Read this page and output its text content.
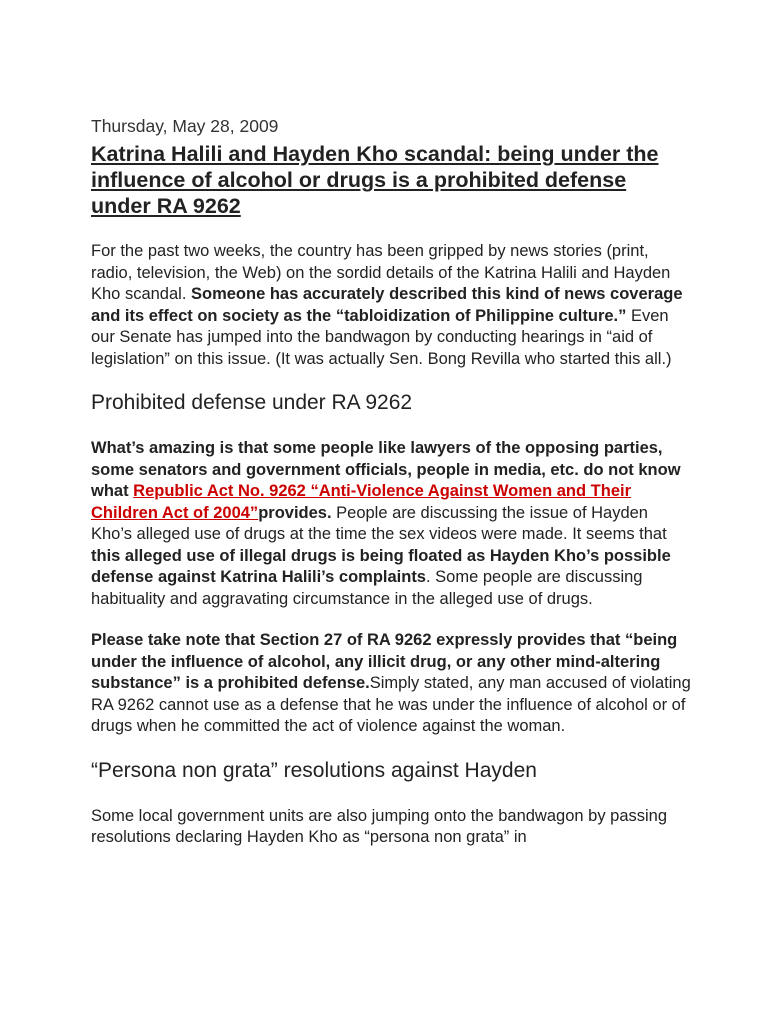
Thursday, May 28, 2009
Katrina Halili and Hayden Kho scandal: being under the influence of alcohol or drugs is a prohibited defense under RA 9262

For the past two weeks, the country has been gripped by news stories (print, radio, television, the Web) on the sordid details of the Katrina Halili and Hayden Kho scandal. Someone has accurately described this kind of news coverage and its effect on society as the “tabloidization of Philippine culture.” Even our Senate has jumped into the bandwagon by conducting hearings in “aid of legislation” on this issue. (It was actually Sen. Bong Revilla who started this all.)

Prohibited defense under RA 9262

What’s amazing is that some people like lawyers of the opposing parties, some senators and government officials, people in media, etc. do not know what Republic Act No. 9262 “Anti-Violence Against Women and Their Children Act of 2004”provides. People are discussing the issue of Hayden Kho’s alleged use of drugs at the time the sex videos were made. It seems that this alleged use of illegal drugs is being floated as Hayden Kho’s possible defense against Katrina Halili’s complaints. Some people are discussing habituality and aggravating circumstance in the alleged use of drugs.

Please take note that Section 27 of RA 9262 expressly provides that “being under the influence of alcohol, any illicit drug, or any other mind-altering substance” is a prohibited defense.Simply stated, any man accused of violating RA 9262 cannot use as a defense that he was under the influence of alcohol or of drugs when he committed the act of violence against the woman.

“Persona non grata” resolutions against Hayden

Some local government units are also jumping onto the bandwagon by passing resolutions declaring Hayden Kho as “persona non grata” in
